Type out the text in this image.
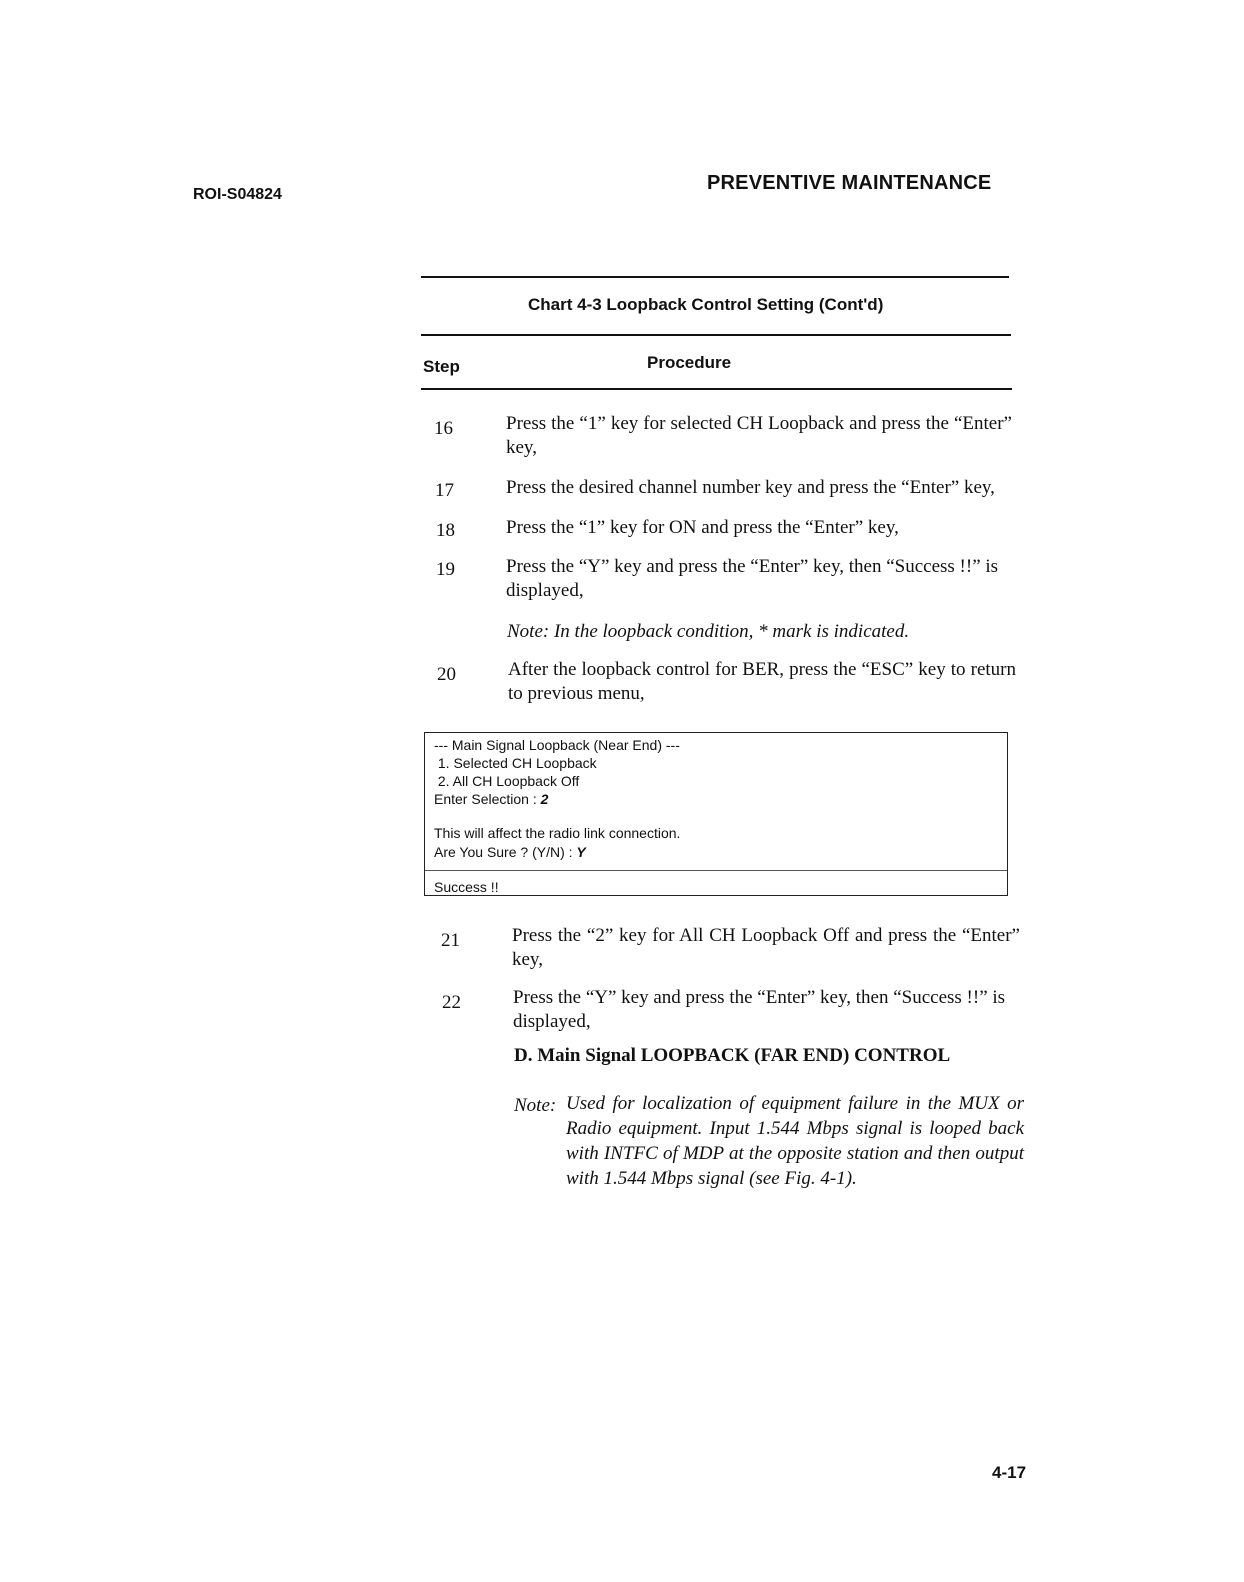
ROI-S04824
PREVENTIVE MAINTENANCE
Chart 4-3 Loopback Control Setting (Cont'd)
Step	Procedure
16	Press the “1” key for selected CH Loopback and press the “Enter” key,
17	Press the desired channel number key and press the “Enter” key,
18	Press the “1” key for ON and press the “Enter” key,
19	Press the “Y” key and press the “Enter” key, then “Success !!” is displayed,
Note: In the loopback condition, * mark is indicated.
20	After the loopback control for BER, press the “ESC” key to return to previous menu,
--- Main Signal Loopback (Near End) ---
1. Selected CH Loopback
2. All CH Loopback Off
Enter Selection : 2
This will affect the radio link connection.
Are You Sure ? (Y/N) : Y
Success !!
21	Press the “2” key for All CH Loopback Off and press the “Enter” key,
22	Press the “Y” key and press the “Enter” key, then “Success !!” is displayed,
D. Main Signal LOOPBACK (FAR END) CONTROL
Note: Used for localization of equipment failure in the MUX or Radio equipment. Input 1.544 Mbps signal is looped back with INTFC of MDP at the opposite station and then output with 1.544 Mbps signal (see Fig. 4-1).
4-17
